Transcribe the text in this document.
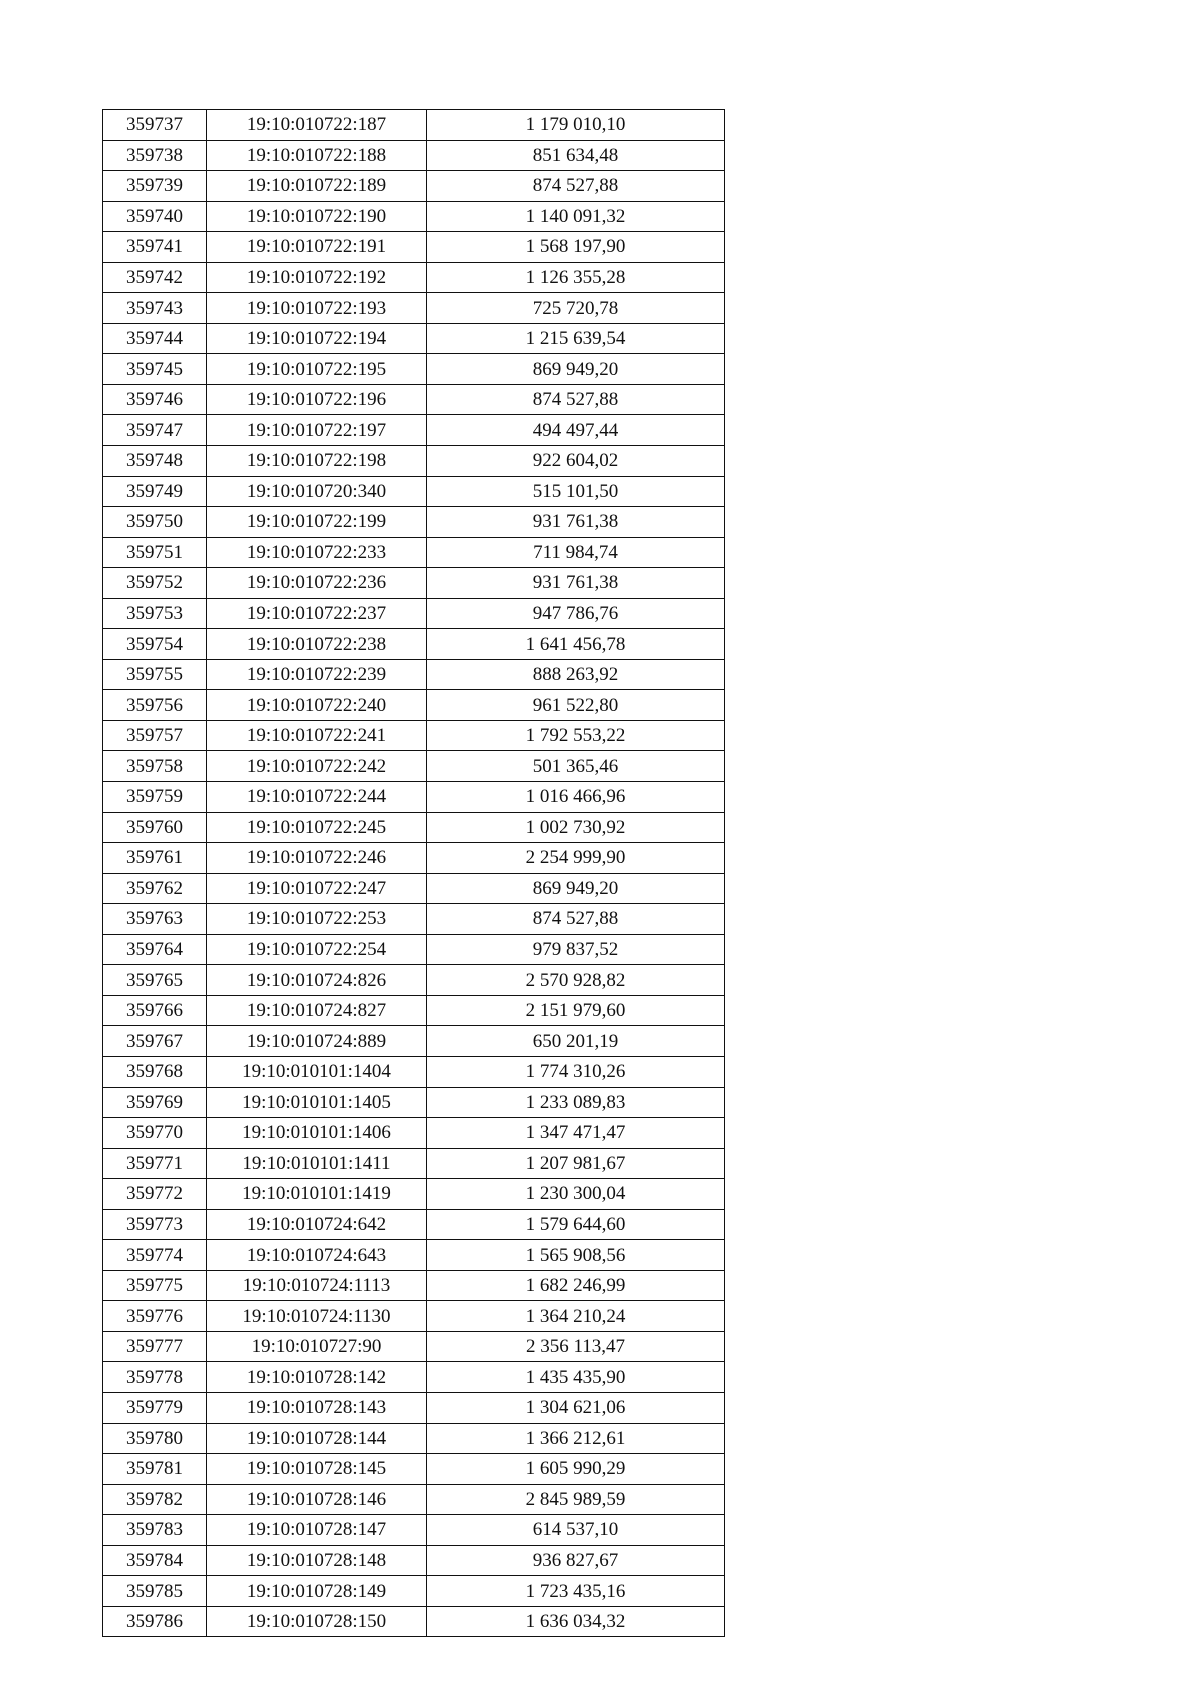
359737	19:10:010722:187	1 179 010,10
359738	19:10:010722:188	851 634,48
359739	19:10:010722:189	874 527,88
359740	19:10:010722:190	1 140 091,32
359741	19:10:010722:191	1 568 197,90
359742	19:10:010722:192	1 126 355,28
359743	19:10:010722:193	725 720,78
359744	19:10:010722:194	1 215 639,54
359745	19:10:010722:195	869 949,20
359746	19:10:010722:196	874 527,88
359747	19:10:010722:197	494 497,44
359748	19:10:010722:198	922 604,02
359749	19:10:010720:340	515 101,50
359750	19:10:010722:199	931 761,38
359751	19:10:010722:233	711 984,74
359752	19:10:010722:236	931 761,38
359753	19:10:010722:237	947 786,76
359754	19:10:010722:238	1 641 456,78
359755	19:10:010722:239	888 263,92
359756	19:10:010722:240	961 522,80
359757	19:10:010722:241	1 792 553,22
359758	19:10:010722:242	501 365,46
359759	19:10:010722:244	1 016 466,96
359760	19:10:010722:245	1 002 730,92
359761	19:10:010722:246	2 254 999,90
359762	19:10:010722:247	869 949,20
359763	19:10:010722:253	874 527,88
359764	19:10:010722:254	979 837,52
359765	19:10:010724:826	2 570 928,82
359766	19:10:010724:827	2 151 979,60
359767	19:10:010724:889	650 201,19
359768	19:10:010101:1404	1 774 310,26
359769	19:10:010101:1405	1 233 089,83
359770	19:10:010101:1406	1 347 471,47
359771	19:10:010101:1411	1 207 981,67
359772	19:10:010101:1419	1 230 300,04
359773	19:10:010724:642	1 579 644,60
359774	19:10:010724:643	1 565 908,56
359775	19:10:010724:1113	1 682 246,99
359776	19:10:010724:1130	1 364 210,24
359777	19:10:010727:90	2 356 113,47
359778	19:10:010728:142	1 435 435,90
359779	19:10:010728:143	1 304 621,06
359780	19:10:010728:144	1 366 212,61
359781	19:10:010728:145	1 605 990,29
359782	19:10:010728:146	2 845 989,59
359783	19:10:010728:147	614 537,10
359784	19:10:010728:148	936 827,67
359785	19:10:010728:149	1 723 435,16
359786	19:10:010728:150	1 636 034,32
